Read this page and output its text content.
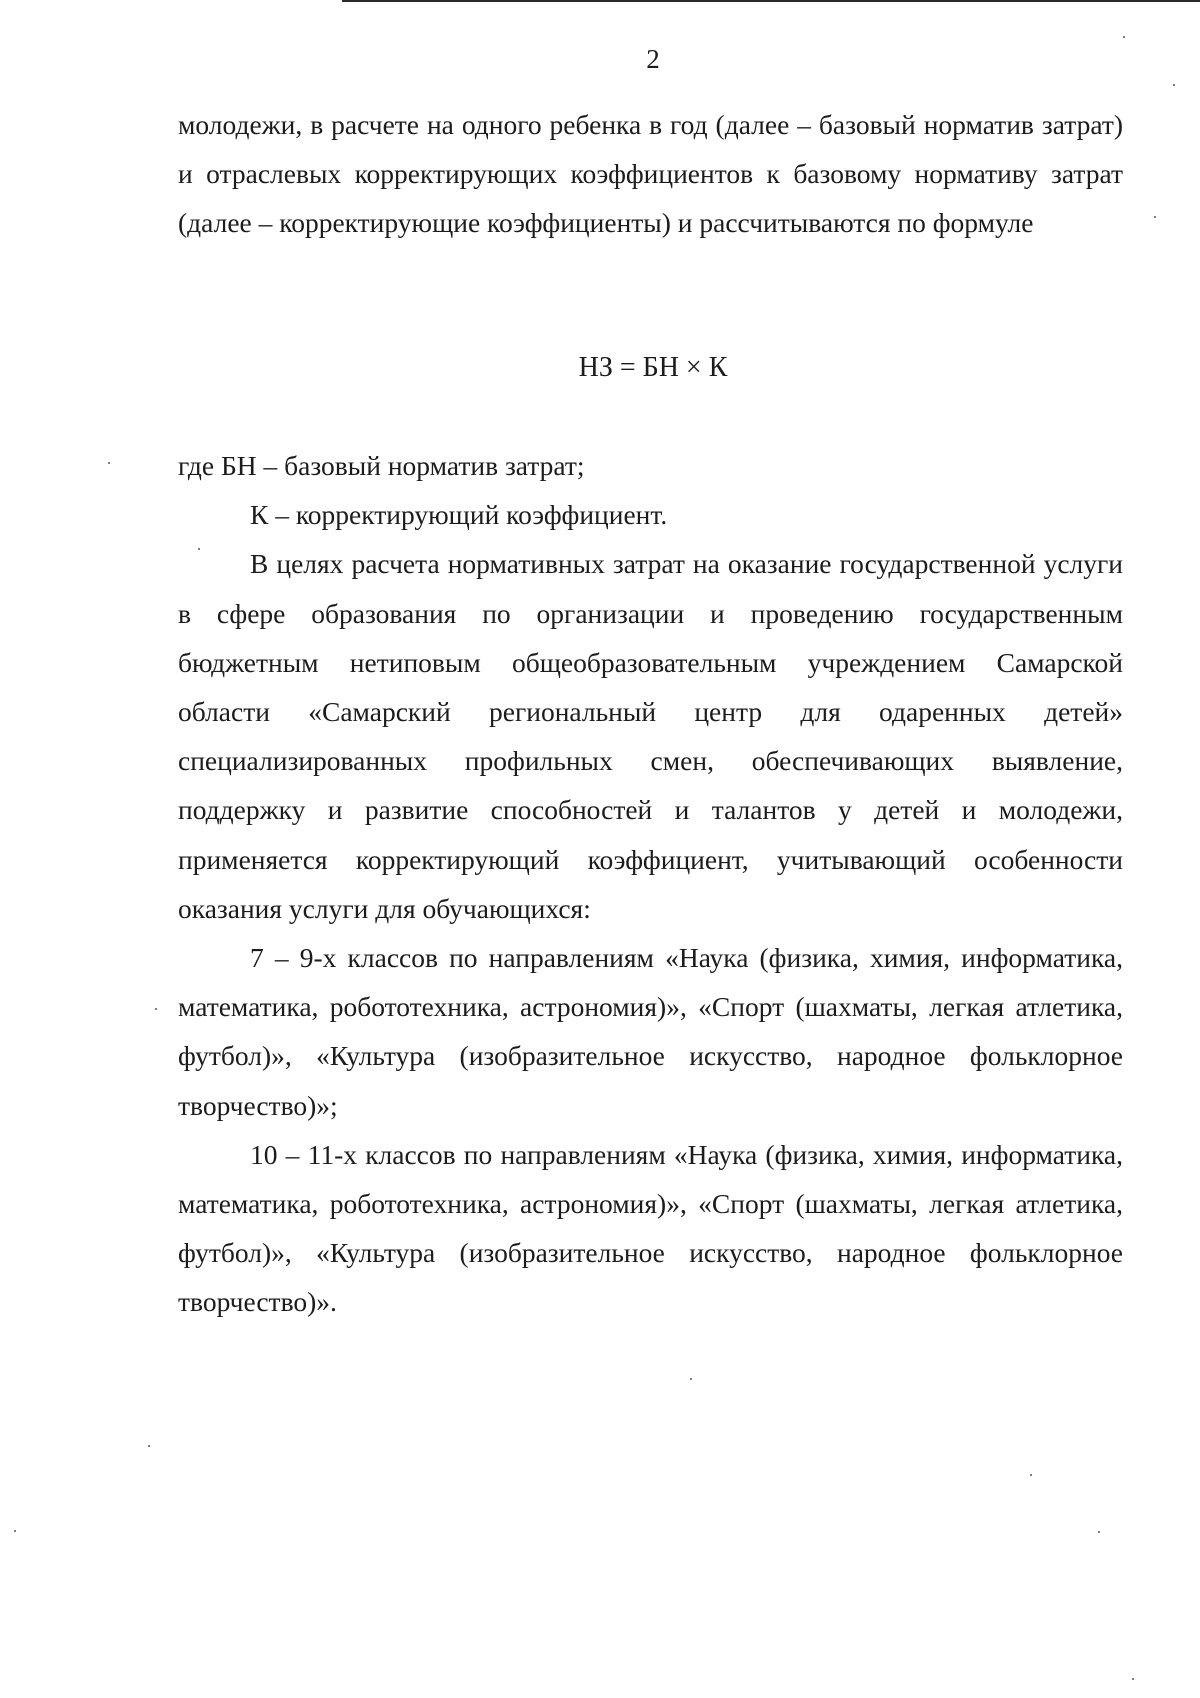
2

молодежи, в расчете на одного ребенка в год (далее – базовый норматив затрат) и отраслевых корректирующих коэффициентов к базовому нормативу затрат (далее – корректирующие коэффициенты) и рассчитываются по формуле

НЗ = БН × К

где БН – базовый норматив затрат;

К – корректирующий коэффициент.

В целях расчета нормативных затрат на оказание государственной услуги в сфере образования по организации и проведению государственным бюджетным нетиповым общеобразовательным учреждением Самарской области «Самарский региональный центр для одаренных детей» специализированных профильных смен, обеспечивающих выявление, поддержку и развитие способностей и талантов у детей и молодежи, применяется корректирующий коэффициент, учитывающий особенности оказания услуги для обучающихся:

7 – 9-х классов по направлениям «Наука (физика, химия, информатика, математика, робототехника, астрономия)», «Спорт (шахматы, легкая атлетика, футбол)», «Культура (изобразительное искусство, народное фольклорное творчество)»;

10 – 11-х классов по направлениям «Наука (физика, химия, информатика, математика, робототехника, астрономия)», «Спорт (шахматы, легкая атлетика, футбол)», «Культура (изобразительное искусство, народное фольклорное творчество)».
